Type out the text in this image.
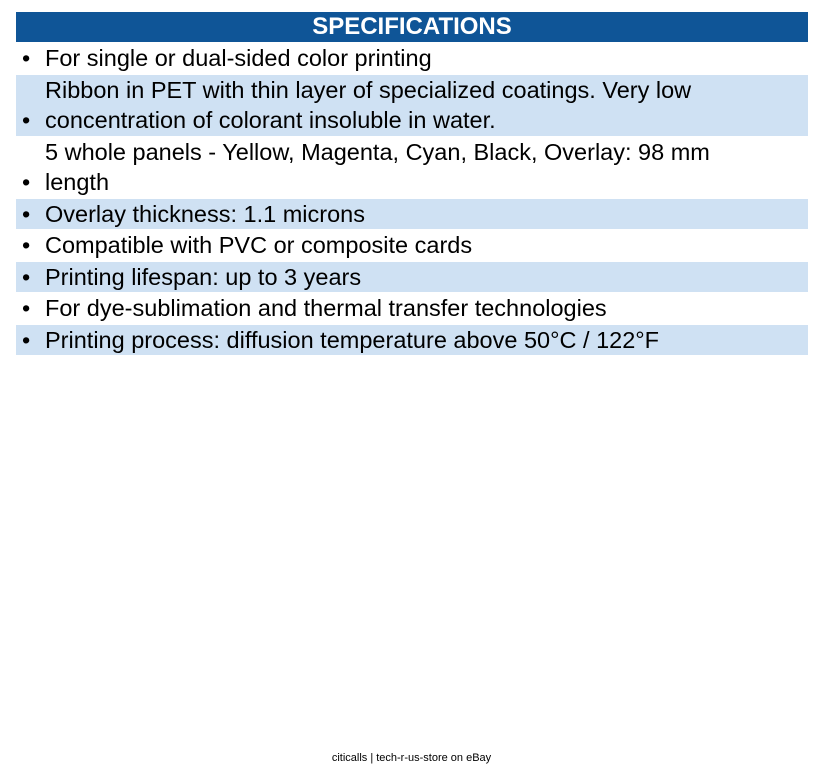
SPECIFICATIONS
• For single or dual-sided color printing
•
Ribbon in PET with thin layer of specialized coatings. Very low
concentration of colorant insoluble in water.
•
5 whole panels - Yellow, Magenta, Cyan, Black, Overlay: 98 mm
length
• Overlay thickness: 1.1 microns
• Compatible with PVC or composite cards
• Printing lifespan: up to 3 years
• For dye-sublimation and thermal transfer technologies
• Printing process: diffusion temperature above 50°C / 122°F
citicalls | tech-r-us-store on eBay
